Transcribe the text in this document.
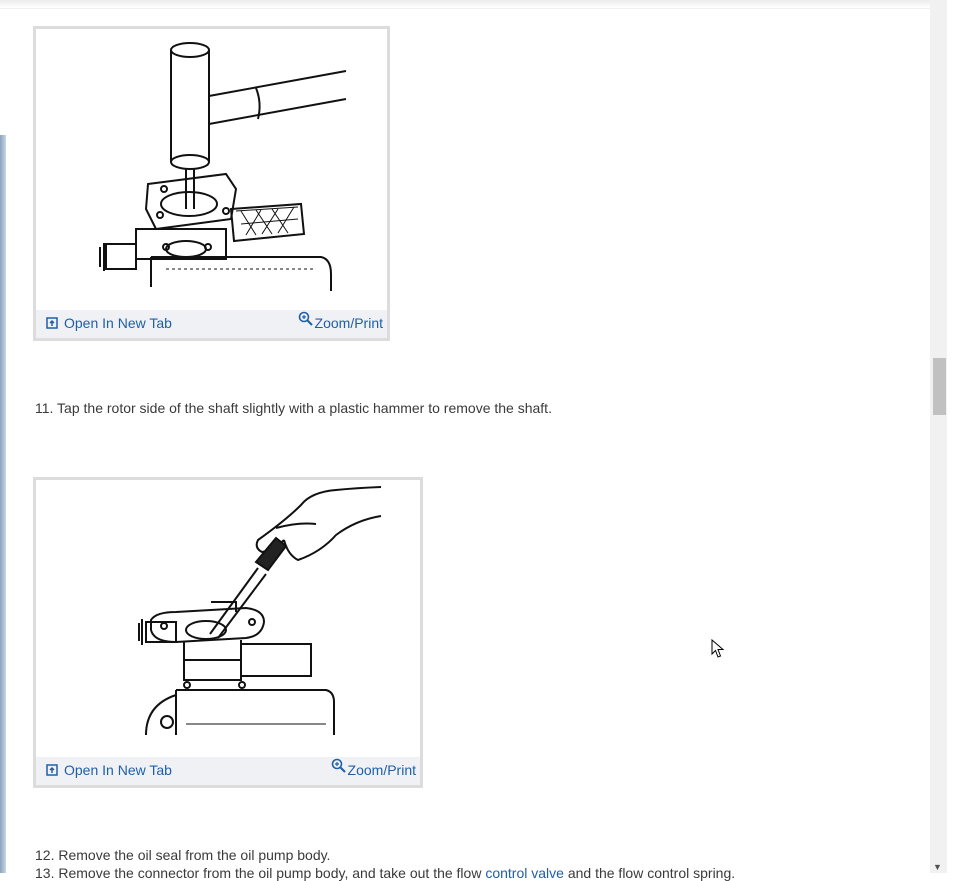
Open In New Tab	Zoom/Print
11. Tap the rotor side of the shaft slightly with a plastic hammer to remove the shaft.
Open In New Tab	Zoom/Print
12. Remove the oil seal from the oil pump body.
13. Remove the connector from the oil pump body, and take out the flow control valve and the flow control spring.	▼
